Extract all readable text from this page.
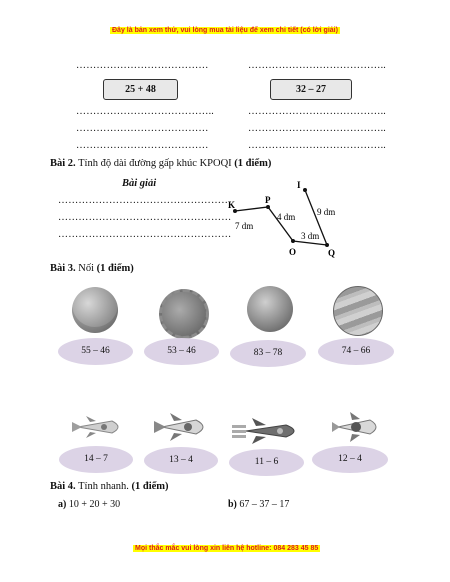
Đây là bản xem thử, vui lòng mua tài liệu để xem chi tiết (có lời giải)
…………………………………	…………………………………..
25 + 48	32 – 27
…………………………………..	…………………………………..
…………………………………	…………………………………..
…………………………………	…………………………………..
Bài 2. Tính độ dài đường gấp khúc KPOQI (1 điểm)
Bài giải
……………………………………………
……………………………………………
……………………………………………
K	P
O	Q
I
7 dm
4 dm
3 dm
9 dm
Bài 3. Nối (1 điểm)
55 – 46	53 – 46	83 – 78	74 – 66
14 – 7	13 – 4	11 – 6	12 – 4
Bài 4. Tính nhanh. (1 điểm)
a) 10 + 20 + 30	b) 67 – 37 – 17
Mọi thắc mắc vui lòng xin liên hệ hotline: 084 283 45 85
